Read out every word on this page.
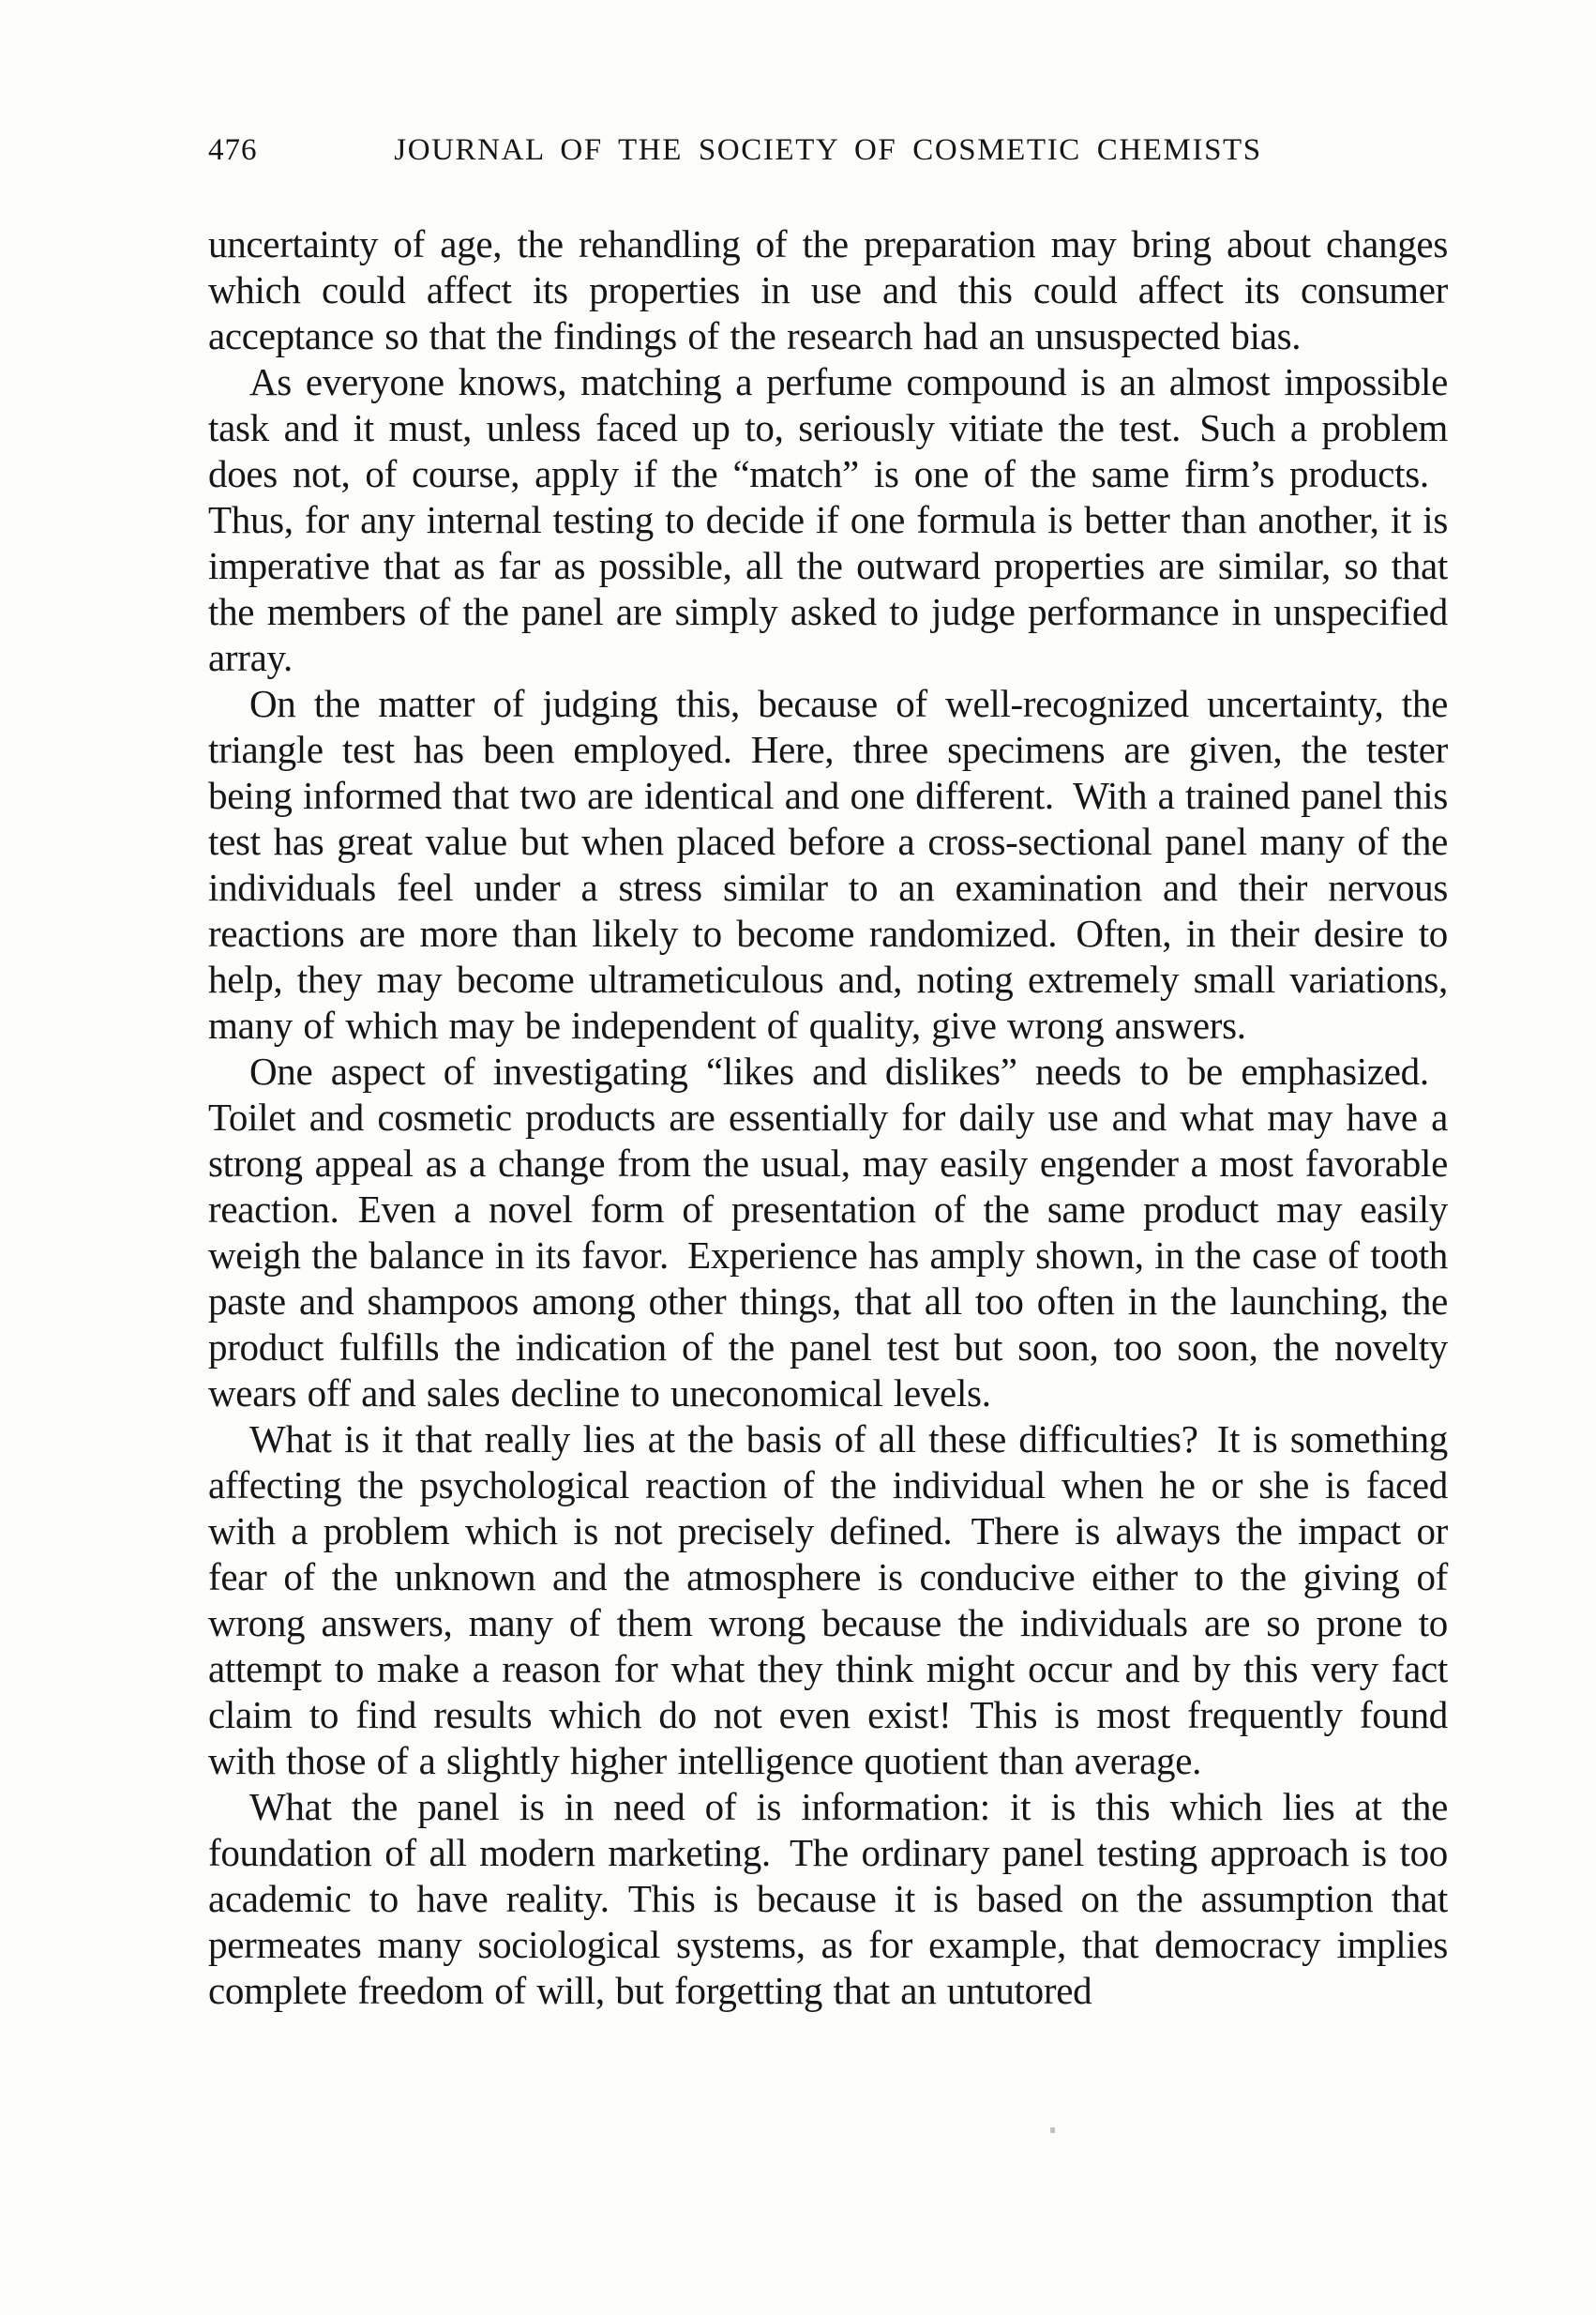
476	JOURNAL OF THE SOCIETY OF COSMETIC CHEMISTS

uncertainty of age, the rehandling of the preparation may bring about changes which could affect its properties in use and this could affect its consumer acceptance so that the findings of the research had an unsuspected bias.

As everyone knows, matching a perfume compound is an almost impossible task and it must, unless faced up to, seriously vitiate the test. Such a problem does not, of course, apply if the “match” is one of the same firm’s products. Thus, for any internal testing to decide if one formula is better than another, it is imperative that as far as possible, all the outward properties are similar, so that the members of the panel are simply asked to judge performance in unspecified array.

On the matter of judging this, because of well-recognized uncertainty, the triangle test has been employed. Here, three specimens are given, the tester being informed that two are identical and one different. With a trained panel this test has great value but when placed before a cross-sectional panel many of the individuals feel under a stress similar to an examination and their nervous reactions are more than likely to become randomized. Often, in their desire to help, they may become ultrameticulous and, noting extremely small variations, many of which may be independent of quality, give wrong answers.

One aspect of investigating “likes and dislikes” needs to be emphasized. Toilet and cosmetic products are essentially for daily use and what may have a strong appeal as a change from the usual, may easily engender a most favorable reaction. Even a novel form of presentation of the same product may easily weigh the balance in its favor. Experience has amply shown, in the case of tooth paste and shampoos among other things, that all too often in the launching, the product fulfills the indication of the panel test but soon, too soon, the novelty wears off and sales decline to uneconomical levels.

What is it that really lies at the basis of all these difficulties? It is something affecting the psychological reaction of the individual when he or she is faced with a problem which is not precisely defined. There is always the impact or fear of the unknown and the atmosphere is conducive either to the giving of wrong answers, many of them wrong because the individuals are so prone to attempt to make a reason for what they think might occur and by this very fact claim to find results which do not even exist! This is most frequently found with those of a slightly higher intelligence quotient than average.

What the panel is in need of is information: it is this which lies at the foundation of all modern marketing. The ordinary panel testing approach is too academic to have reality. This is because it is based on the assumption that permeates many sociological systems, as for example, that democracy implies complete freedom of will, but forgetting that an untutored
